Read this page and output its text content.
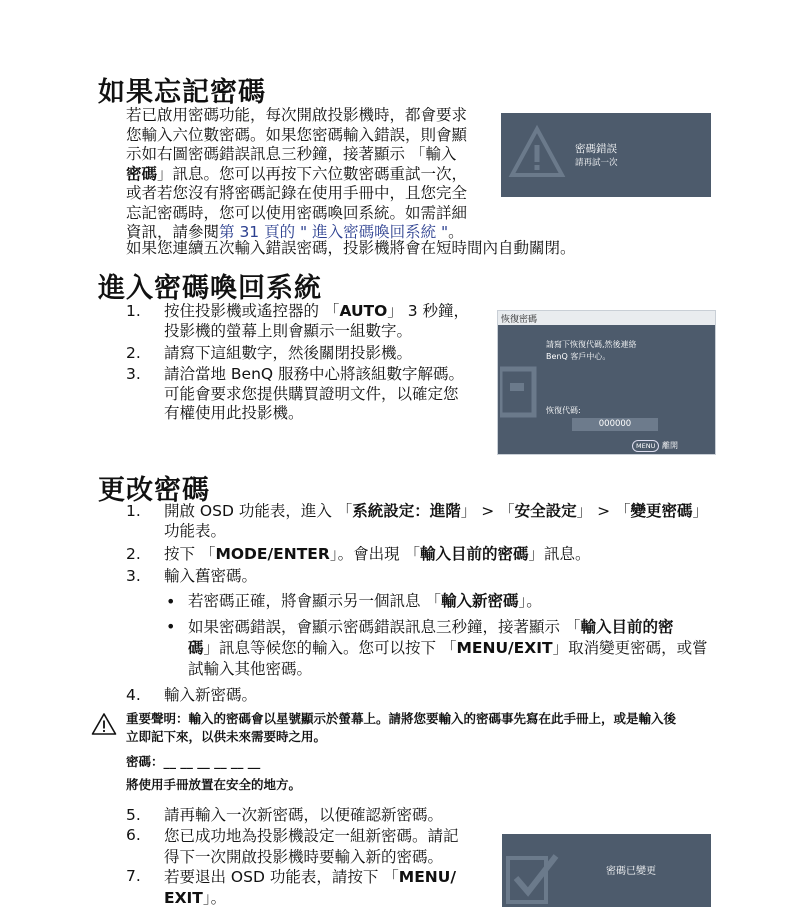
如果忘記密碼
若已啟用密碼功能，每次開啟投影機時，都會要求
您輸入六位數密碼。如果您密碼輸入錯誤，則會顯
示如右圖密碼錯誤訊息三秒鐘，接著顯示 「輸入
密碼」訊息。您可以再按下六位數密碼重試一次，
或者若您沒有將密碼記錄在使用手冊中，且您完全
忘記密碼時，您可以使用密碼喚回系統。如需詳細
資訊，請參閱第 31 頁的 " 進入密碼喚回系統 "。
密碼錯誤
請再試一次
如果您連續五次輸入錯誤密碼，投影機將會在短時間內自動關閉。
進入密碼喚回系統
1. 按住投影機或遙控器的 「AUTO」 3 秒鐘，
投影機的螢幕上則會顯示一組數字。
2. 請寫下這組數字，然後關閉投影機。
3. 請洽當地 BenQ 服務中心將該組數字解碼。
可能會要求您提供購買證明文件，以確定您
有權使用此投影機。
恢復密碼
請寫下恢復代碼,然後連絡
BenQ 客戶中心。
恢復代碼:
000000
MENU 離開
更改密碼
1. 開啟 OSD 功能表，進入 「系統設定：進階」 > 「安全設定」 > 「變更密碼」
功能表。
2. 按下 「MODE/ENTER」。會出現 「輸入目前的密碼」訊息。
3. 輸入舊密碼。
• 若密碼正確，將會顯示另一個訊息 「輸入新密碼」。
• 如果密碼錯誤，會顯示密碼錯誤訊息三秒鐘，接著顯示 「輸入目前的密
碼」訊息等候您的輸入。您可以按下 「MENU/EXIT」取消變更密碼，或嘗
試輸入其他密碼。
4. 輸入新密碼。
重要聲明：輸入的密碼會以星號顯示於螢幕上。請將您要輸入的密碼事先寫在此手冊上，或是輸入後
立即記下來，以供未來需要時之用。
密碼：__ __ __ __ __ __
將使用手冊放置在安全的地方。
5. 請再輸入一次新密碼，以便確認新密碼。
6. 您已成功地為投影機設定一組新密碼。請記
得下一次開啟投影機時要輸入新的密碼。
7. 若要退出 OSD 功能表，請按下 「MENU/
EXIT」。
密碼已變更
